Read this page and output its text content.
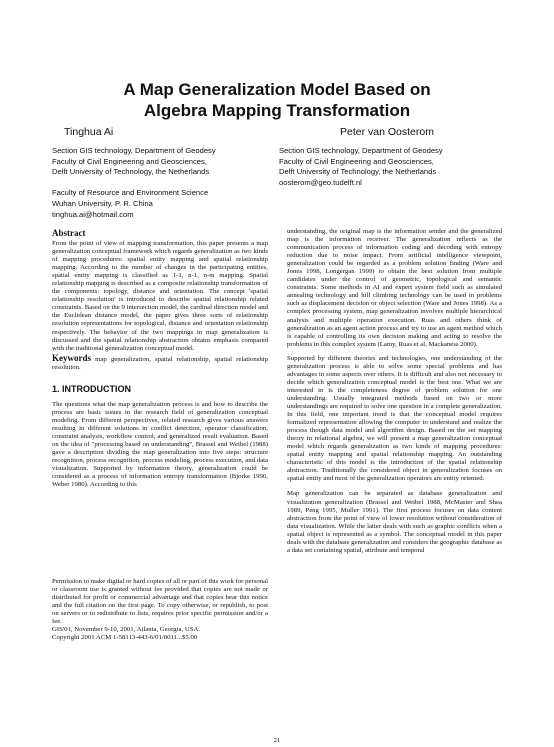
A Map Generalization Model Based on
Algebra Mapping Transformation
Tinghua Ai	Peter van Oosterom
Section GIS technology, Department of Geodesy
Faculty of Civil Engineering and Geosciences,
Delft University of Technology, the Netherlands

Faculty of Resource and Environment Science
Wuhan University, P. R. China
tinghua.ai@hotmail.com
Section GIS technology, Department of Geodesy
Faculty of Civil Engineering and Geosciences,
Delft University of Technology, the Netherlands
oosterom@geo.tudelft.nl
Abstract

From the point of view of mapping transformation, this paper presents a map generalization conceptual framework which regards generalization as two kinds of mapping procedures: spatial entity mapping and spatial relationship mapping. According to the number of changes in the participating entities, spatial entity mapping is classified as 1-1, n-1, n-m mapping. Spatial relationship mapping is described as a composite relationship transformation of the components: topology, distance and orientation. The concept 'spatial relationship resolution' is introduced to describe spatial relationship related constraints. Based on the 9 intersection model, the cardinal direction model and the Euclidean distance model, the paper gives three sorts of relationship resolution representations for topological, distance and orientation relationship respectively. The behavior of the two mappings in map generalization is discussed and the spatial relationship abstraction obtains emphasis compared with the traditional generalization conceptual model.

Keywords map generalization, spatial relationship, spatial relationship resolution.

1. INTRODUCTION

The questions what the map generalization process is and how to describe the process are basic issues in the research field of generalization conceptual modeling. From different perspectives, related research gives various answers resulting in different solutions in conflict detection, operator classification, constraint analysis, workflow control, and generalized result evaluation. Based on the idea of "processing based on understanding", Brassel and Weibel (1988) gave a description dividing the map generalization into five steps: structure recognition, process recognition, process modeling, process execution, and data visualization. Supported by information theory, generalization could be considered as a process of information entropy transformation (Bjorke 1996, Weber 1980). According to this

Permission to make digital or hard copies of all or part of this work for personal or classroom use is granted without fee provided that copies are not made or distributed for profit or commercial advantage and that copies bear this notice and the full citation on the first page. To copy otherwise, or republish, to post on servers or to redistribute to lists, requires prior specific permission and/or a fee.

GIS'01, November 9-10, 2001, Atlanta, Georgia, USA.

Copyright 2001 ACM 1-58113-443-6/01/0011...$5.00

understanding, the original map is the information sender and the generalized map is the information receiver. The generalization reflects as the communication process of information coding and decoding with entropy reduction due to noise impact. From artificial intelligence viewpoint, generalization could be regarded as a problem solution finding (Ware and Jones 1998, Longergan 1999) to obtain the best solution from multiple candidates under the control of geometric, topological and semantic constraints. Some methods in AI and expert system field such as simulated annealing technology and hill climbing technology can be used in problems such as displacement decision or object selection (Ware and Jones 1998). As a complex processing system, map generalization involves multiple hierarchical analysis and multiple operation execution. Ruas and others think of generalization as an agent action process and try to use an agent method which is capable of controlling its own decision making and acting to resolve the problems in this complex system (Lamy, Ruas et al, Mackaness 2000).

Supported by different theories and technologies, one understanding of the generalization process is able to solve some special problems and has advantages in some aspects over others. It is difficult and also not necessary to decide which generalization conceptual model is the best one. What we are interested in is the completeness degree of problem solution for one understanding. Usually integrated methods based on two or more understandings are required to solve one question in a complete generalization. In this field, one important trend is that the conceptual model requires formalized representation allowing the computer to understand and realize the process though data model and algorithm design. Based on the set mapping theory in relational algebra, we will present a map generalization conceptual model which regards generalization as two kinds of mapping procedures: spatial entity mapping and spatial relationship mapping. An outstanding characteristic of this model is the introduction of the spatial relationship abstraction. Traditionally the considered object in generalization focuses on spatial entity and most of the generalization operators are entity oriented.

Map generalization can be separated as database generalization and visualization generalization (Brassel and Weibel 1988, McMaster and Shea 1989, Peng 1995, Muller 1991). The first process focuses on data content abstraction from the point of view of lower resolution without consideration of data visualization. While the latter deals with such as graphic conflicts when a spatial object is represented as a symbol. The conceptual model in this paper deals with the database generalization and considers the geographic database as a data set containing spatial, attribute and temporal

21
